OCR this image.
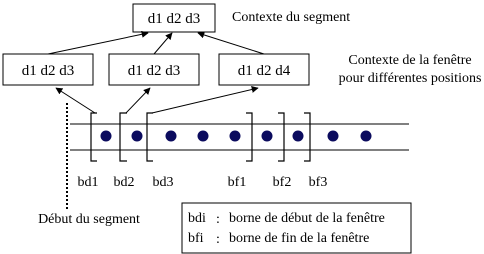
d1 d2 d3 Contexte du segment
d1 d2 d3	d1 d2 d3	d1 d2 d4
Contexte de la fenêtre
pour différentes positions
bd1 bd2 bd3	bf1 bf2 bf3
Début du segment	bdi : borne de début de la fenêtre
bfi : borne de fin de la fenêtre
